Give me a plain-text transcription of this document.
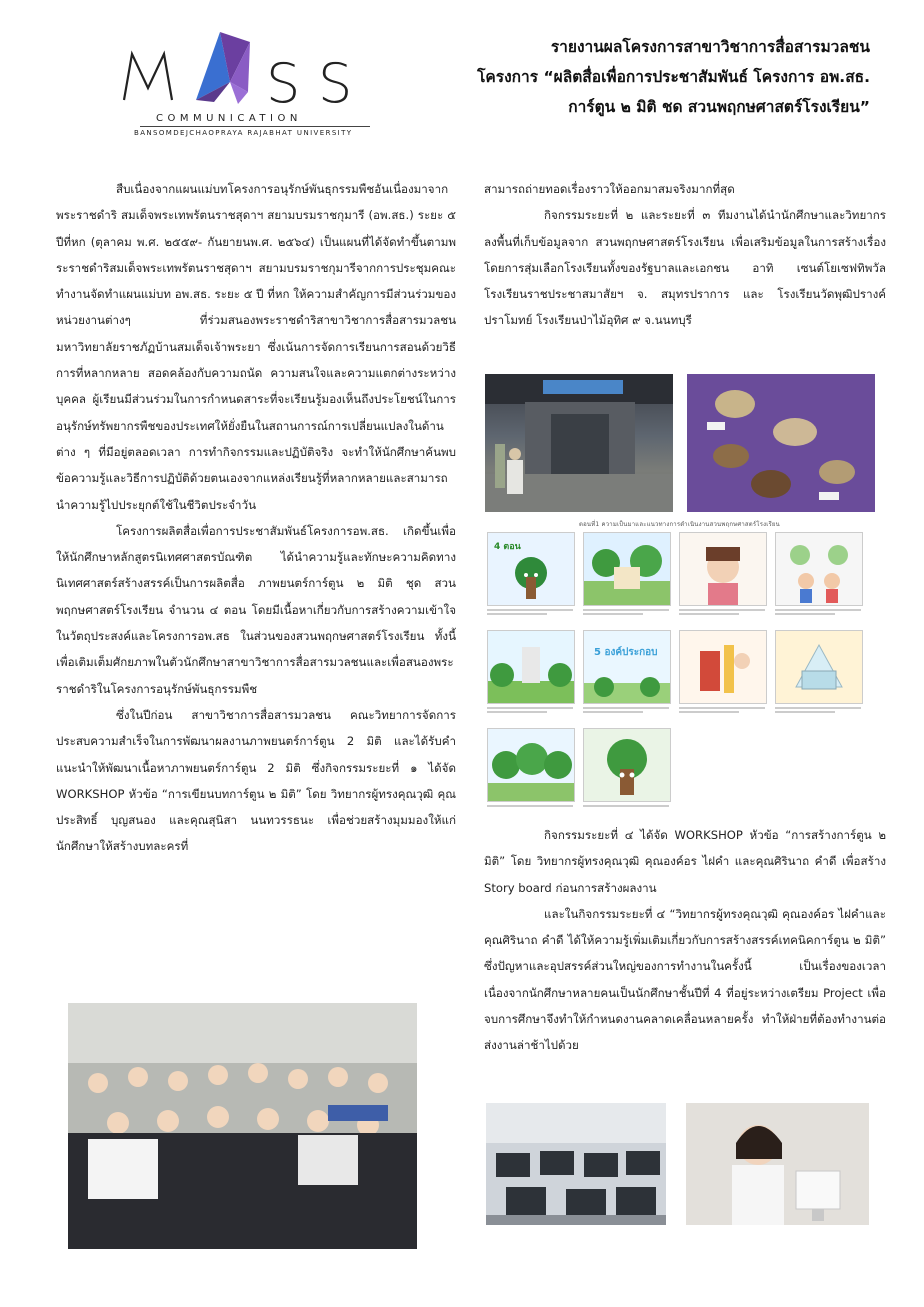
S S
COMMUNICATION
BANSOMDEJCHAOPRAYA RAJABHAT UNIVERSITY
รายงานผลโครงการสาขาวิชาการสื่อสารมวลชน
โครงการ “ผลิตสื่อเพื่อการประชาสัมพันธ์ โครงการ อพ.สธ.
การ์ตูน ๒ มิติ ชด สวนพฤกษศาสตร์โรงเรียน”

สืบเนื่องจากแผนแม่บทโครงการอนุรักษ์พันธุกรรมพืชอันเนื่องมาจากพระราชดำริ สมเด็จพระเทพรัตนราชสุดาฯ สยามบรมราชกุมารี (อพ.สธ.) ระยะ ๕ ปีที่หก (ตุลาคม พ.ศ. ๒๕๕๙- กันยายนพ.ศ. ๒๕๖๔) เป็นแผนที่ได้จัดทำขึ้นตามพระราชดำริสมเด็จพระเทพรัตนราชสุดาฯ สยามบรมราชกุมารีจากการประชุมคณะทำงานจัดทำแผนแม่บท อพ.สธ. ระยะ ๕ ปี ที่หก ให้ความสำคัญการมีส่วนร่วมของหน่วยงานต่างๆ ที่ร่วมสนองพระราชดำริสาขาวิชาการสื่อสารมวลชน มหาวิทยาลัยราชภัฏบ้านสมเด็จเจ้าพระยา ซึ่งเน้นการจัดการเรียนการสอนด้วยวิธีการที่หลากหลาย สอดคล้องกับความถนัด ความสนใจและความแตกต่างระหว่างบุคคล ผู้เรียนมีส่วนร่วมในการกำหนดสาระที่จะเรียนรู้มองเห็นถึงประโยชน์ในการอนุรักษ์ทรัพยากรพืชของประเทศให้ยั่งยืนในสถานการณ์การเปลี่ยนแปลงในด้านต่าง ๆ ที่มีอยู่ตลอดเวลา การทำกิจกรรมและปฏิบัติจริง จะทำให้นักศึกษาค้นพบข้อความรู้และวิธีการปฏิบัติด้วยตนเองจากแหล่งเรียนรู้ที่หลากหลายและสามารถนำความรู้ไปประยุกต์ใช้ในชีวิตประจำวัน

โครงการผลิตสื่อเพื่อการประชาสัมพันธ์โครงการอพ.สธ. เกิดขึ้นเพื่อให้นักศึกษาหลักสูตรนิเทศศาสตรบัณฑิต ได้นำความรู้และทักษะความคิดทางนิเทศศาสตร์สร้างสรรค์เป็นการผลิตสื่อ ภาพยนตร์การ์ตูน ๒ มิติ ชุด สวนพฤกษศาสตร์โรงเรียน จำนวน ๔ ตอน โดยมีเนื้อหาเกี่ยวกับการสร้างความเข้าใจในวัตถุประสงค์และโครงการอพ.สธ ในส่วนของสวนพฤกษศาสตร์โรงเรียน ทั้งนี้เพื่อเติมเต็มศักยภาพในตัวนักศึกษาสาขาวิชาการสื่อสารมวลชนและเพื่อสนองพระราชดำริในโครงการอนุรักษ์พันธุกรรมพืช

ซึ่งในปีก่อน สาขาวิชาการสื่อสารมวลชน คณะวิทยาการจัดการ ประสบความสำเร็จในการพัฒนาผลงานภาพยนตร์การ์ตูน 2 มิติ และได้รับคำแนะนำให้พัฒนาเนื้อหาภาพยนตร์การ์ตูน 2 มิติ ซึ่งกิจกรรมระยะที่ ๑ ได้จัด WORKSHOP หัวข้อ “การเขียนบทการ์ตูน ๒ มิติ” โดย วิทยากรผู้ทรงคุณวุฒิ คุณประสิทธิ์ บุญสนอง และคุณสุนิสา นนทวรรธนะ เพื่อช่วยสร้างมุมมองให้แก่นักศึกษาให้สร้างบทละครที่

สามารถถ่ายทอดเรื่องราวให้ออกมาสมจริงมากที่สุด

กิจกรรมระยะที่ ๒ และระยะที่ ๓ ทีมงานได้นำนักศึกษาและวิทยากรลงพื้นที่เก็บข้อมูลจาก สวนพฤกษศาสตร์โรงเรียน เพื่อเสริมข้อมูลในการสร้างเรื่อง โดยการสุ่มเลือกโรงเรียนทั้งของรัฐบาลและเอกชน อาทิ เซนต์โยเซฟทิพวัล โรงเรียนราชประชาสมาสัยฯ จ. สมุทรปราการ และ โรงเรียนวัดพุฒิปรางค์ปราโมทย์ โรงเรียนป่าไม้อุทิศ ๙ จ.นนทบุรี

ตอนที่1 ความเป็นมาและแนวทางการดำเนินงานสวนพฤกษศาสตร์โรงเรียน
4 ตอน
5 องค์ประกอบ

กิจกรรมระยะที่ ๔ ได้จัด WORKSHOP หัวข้อ “การสร้างการ์ตูน ๒ มิติ” โดย วิทยากรผู้ทรงคุณวุฒิ คุณองค์อร ไฝคำ และคุณศิรินาถ คำดี เพื่อสร้าง Story board ก่อนการสร้างผลงาน

และในกิจกรรมระยะที่ ๔ “วิทยากรผู้ทรงคุณวุฒิ คุณองค์อร ไฝคำและคุณศิรินาถ คำดี ได้ให้ความรู้เพิ่มเติมเกี่ยวกับการสร้างสรรค์เทคนิคการ์ตูน ๒ มิติ” ซึ่งปัญหาและอุปสรรค์ส่วนใหญ่ของการทำงานในครั้งนี้ เป็นเรื่องของเวลา เนื่องจากนักศึกษาหลายคนเป็นนักศึกษาชั้นปีที่ 4 ที่อยู่ระหว่างเตรียม Project เพื่อจบการศึกษาจึงทำให้กำหนดงานคลาดเคลื่อนหลายครั้ง ทำให้ฝ่ายที่ต้องทำงานต่อส่งงานล่าช้าไปด้วย
